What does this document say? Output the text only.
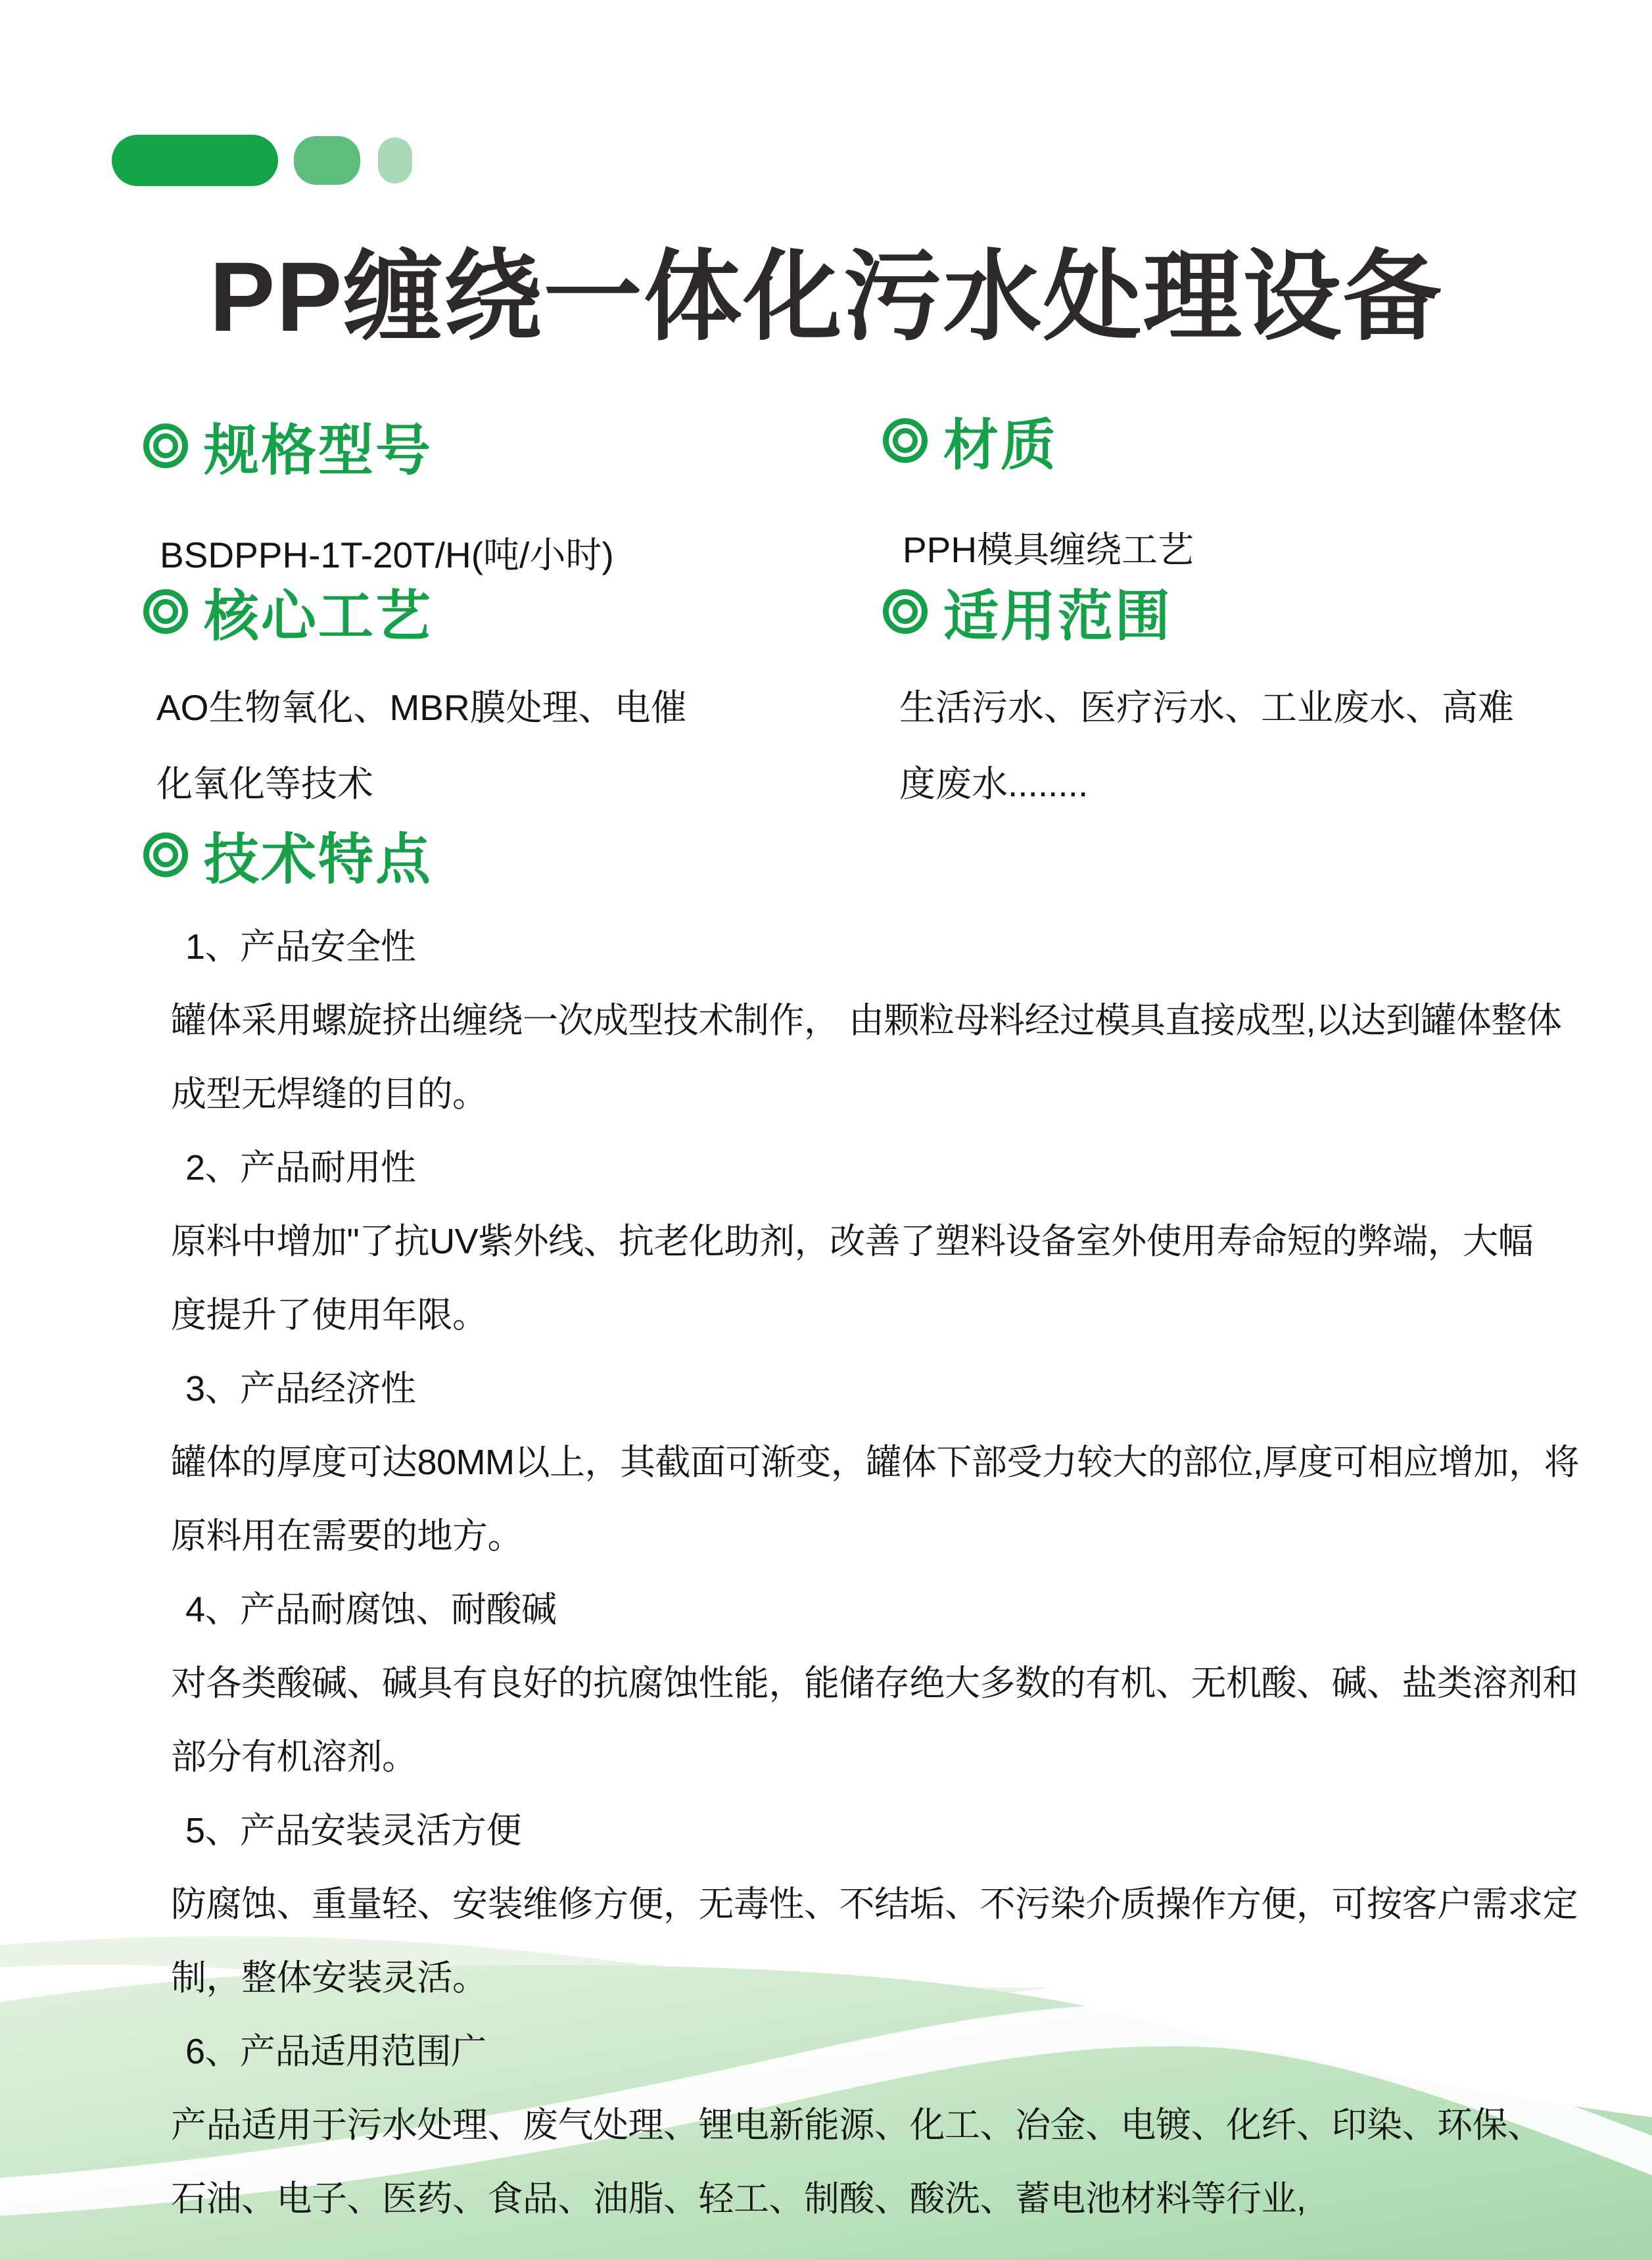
PP缠绕一体化污水处理设备
规格型号

BSDPPH-1T-20T/H(吨/小时)

材质

PPH模具缠绕工艺

核心工艺

AO生物氧化、MBR膜处理、电催

化氧化等技术

适用范围

生活污水、医疗污水、工业废水、高难

度废水........

技术特点

1、产品安全性

罐体采用螺旋挤出缠绕一次成型技术制作， 由颗粒母料经过模具直接成型,以达到罐体整体

成型无焊缝的目的。

2、产品耐用性

原料中增加"了抗UV紫外线、抗老化助剂，改善了塑料设备室外使用寿命短的弊端，大幅

度提升了使用年限。

3、产品经济性

罐体的厚度可达80MM以上，其截面可渐变，罐体下部受力较大的部位,厚度可相应增加，将

原料用在需要的地方。

4、产品耐腐蚀、耐酸碱

对各类酸碱、碱具有良好的抗腐蚀性能，能储存绝大多数的有机、无机酸、碱、盐类溶剂和

部分有机溶剂。

5、产品安装灵活方便

防腐蚀、重量轻、安装维修方便，无毒性、不结垢、不污染介质操作方便，可按客户需求定

制，整体安装灵活。

6、产品适用范围广

产品适用于污水处理、废气处理、锂电新能源、化工、冶金、电镀、化纤、印染、环保、

石油、电子、医药、食品、油脂、轻工、制酸、酸洗、蓄电池材料等行业,
